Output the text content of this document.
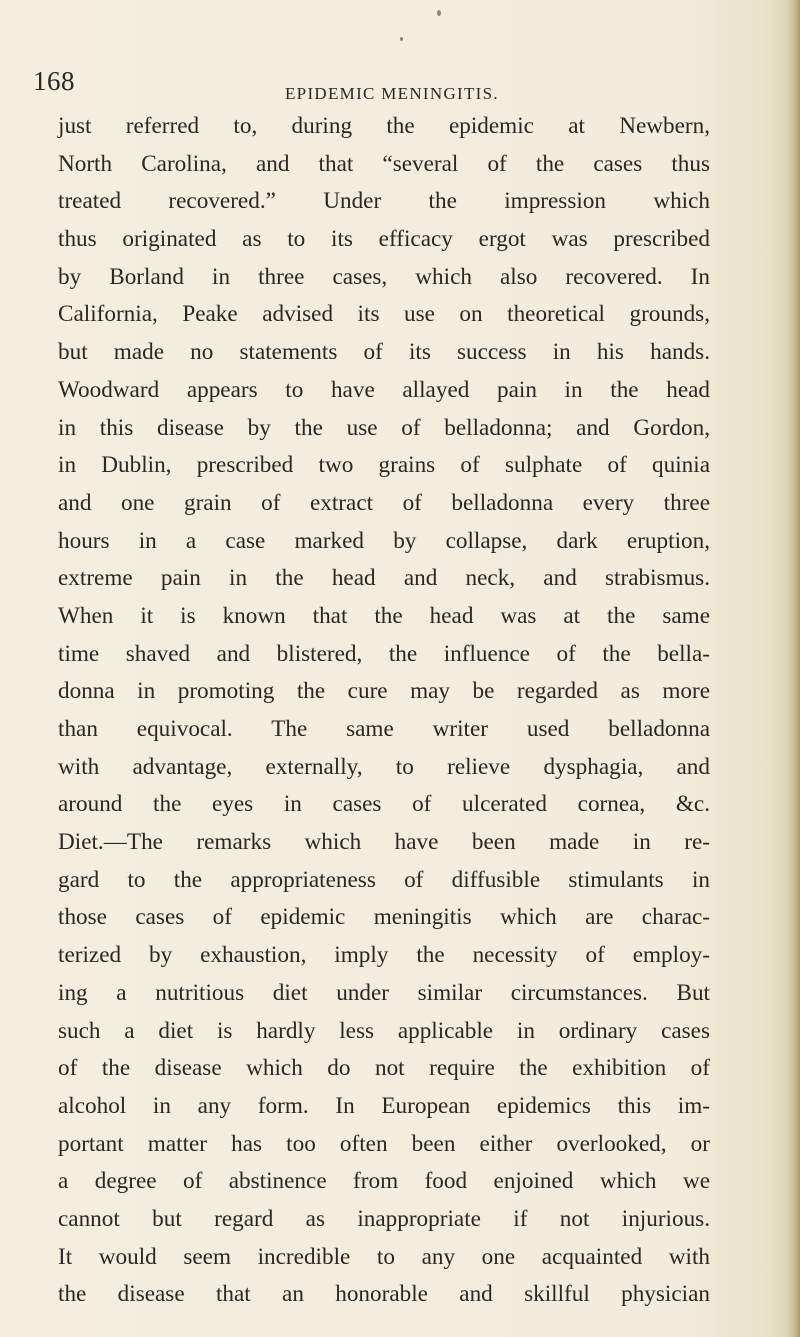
168	EPIDEMIC MENINGITIS.
just referred to, during the epidemic at Newbern,
North Carolina, and that “several of the cases thus
treated recovered.” Under the impression which
thus originated as to its efficacy ergot was prescribed
by Borland in three cases, which also recovered. In
California, Peake advised its use on theoretical grounds,
but made no statements of its success in his hands.
Woodward appears to have allayed pain in the head
in this disease by the use of belladonna; and Gordon,
in Dublin, prescribed two grains of sulphate of quinia
and one grain of extract of belladonna every three
hours in a case marked by collapse, dark eruption,
extreme pain in the head and neck, and strabismus.
When it is known that the head was at the same
time shaved and blistered, the influence of the bella-
donna in promoting the cure may be regarded as more
than equivocal. The same writer used belladonna
with advantage, externally, to relieve dysphagia, and
around the eyes in cases of ulcerated cornea, &c.
Diet.—The remarks which have been made in re-
gard to the appropriateness of diffusible stimulants in
those cases of epidemic meningitis which are charac-
terized by exhaustion, imply the necessity of employ-
ing a nutritious diet under similar circumstances. But
such a diet is hardly less applicable in ordinary cases
of the disease which do not require the exhibition of
alcohol in any form. In European epidemics this im-
portant matter has too often been either overlooked, or
a degree of abstinence from food enjoined which we
cannot but regard as inappropriate if not injurious.
It would seem incredible to any one acquainted with
the disease that an honorable and skillful physician
